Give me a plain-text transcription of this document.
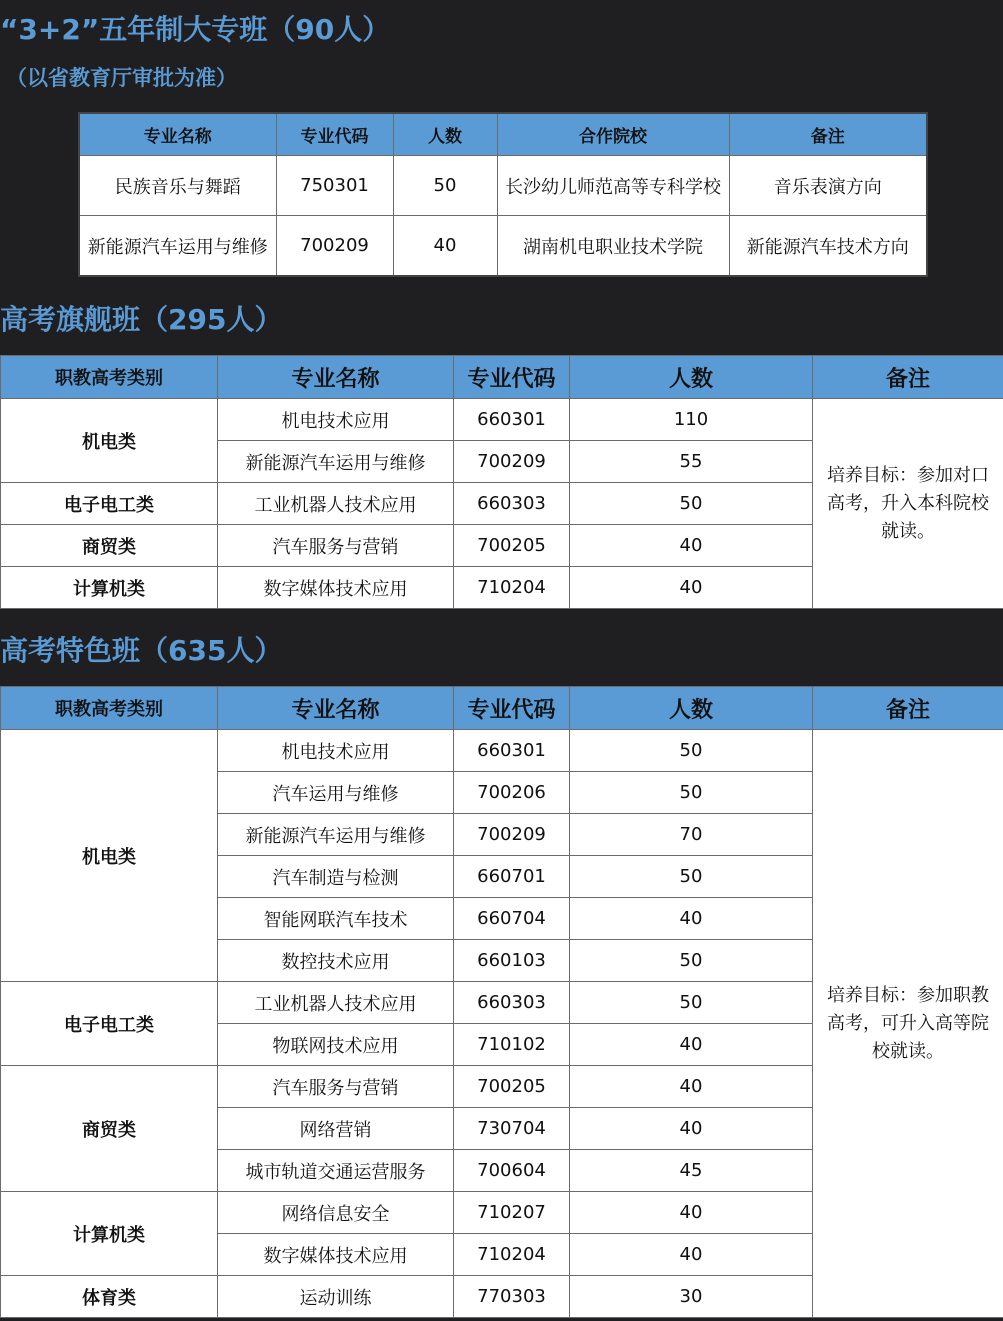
“3+2”五年制大专班（90人）
（以省教育厅审批为准）
专业名称	专业代码	人数	合作院校	备注
民族音乐与舞蹈	750301	50	长沙幼儿师范高等专科学校	音乐表演方向
新能源汽车运用与维修	700209	40	湖南机电职业技术学院	新能源汽车技术方向
高考旗舰班（295人）
职教高考类别	专业名称	专业代码	人数	备注
机电类	机电技术应用	660301	110	培养目标：参加对口高考，升入本科院校就读。
	新能源汽车运用与维修	700209	55	
电子电工类	工业机器人技术应用	660303	50	
商贸类	汽车服务与营销	700205	40	
计算机类	数字媒体技术应用	710204	40	
高考特色班（635人）
职教高考类别	专业名称	专业代码	人数	备注
机电类	机电技术应用	660301	50	培养目标：参加职教高考，可升入高等院校就读。
	汽车运用与维修	700206	50	
	新能源汽车运用与维修	700209	70	
	汽车制造与检测	660701	50	
	智能网联汽车技术	660704	40	
	数控技术应用	660103	50	
电子电工类	工业机器人技术应用	660303	50	
	物联网技术应用	710102	40	
商贸类	汽车服务与营销	700205	40	
	网络营销	730704	40	
	城市轨道交通运营服务	700604	45	
计算机类	网络信息安全	710207	40	
	数字媒体技术应用	710204	40	
体育类	运动训练	770303	30	
